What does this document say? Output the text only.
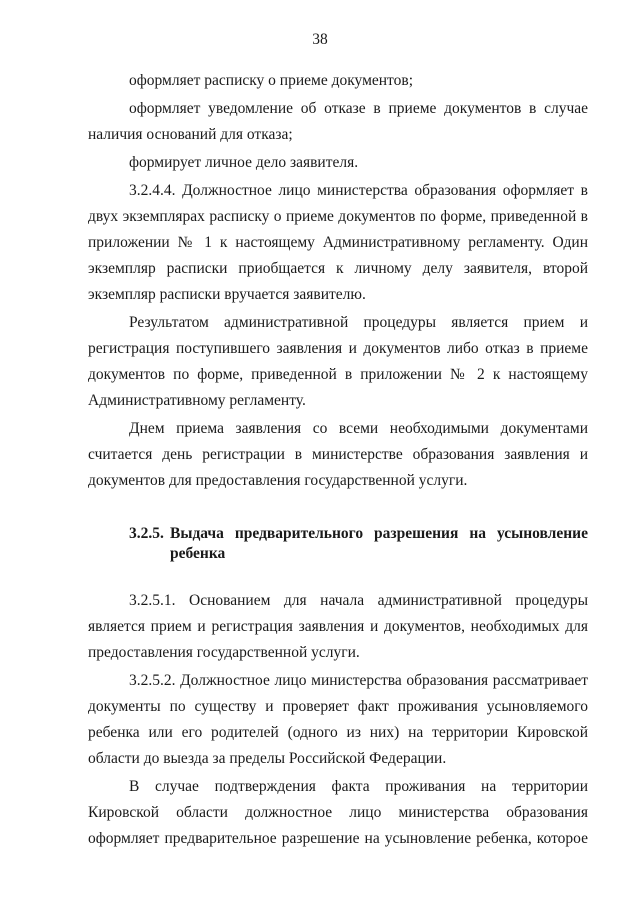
38

оформляет расписку о приеме документов;

оформляет уведомление об отказе в приеме документов в случае наличия оснований для отказа;

формирует личное дело заявителя.

3.2.4.4. Должностное лицо министерства образования оформляет в двух экземплярах расписку о приеме документов по форме, приведенной в приложении № 1 к настоящему Административному регламенту. Один экземпляр расписки приобщается к личному делу заявителя, второй экземпляр расписки вручается заявителю.

Результатом административной процедуры является прием и регистрация поступившего заявления и документов либо отказ в приеме документов по форме, приведенной в приложении № 2 к настоящему Административному регламенту.

Днем приема заявления со всеми необходимыми документами считается день регистрации в министерстве образования заявления и документов для предоставления государственной услуги.

3.2.5. Выдача предварительного разрешения на усыновление ребенка

3.2.5.1. Основанием для начала административной процедуры является прием и регистрация заявления и документов, необходимых для предоставления государственной услуги.

3.2.5.2. Должностное лицо министерства образования рассматривает документы по существу и проверяет факт проживания усыновляемого ребенка или его родителей (одного из них) на территории Кировской области до выезда за пределы Российской Федерации.

В случае подтверждения факта проживания на территории Кировской области должностное лицо министерства образования оформляет предварительное разрешение на усыновление ребенка, которое
